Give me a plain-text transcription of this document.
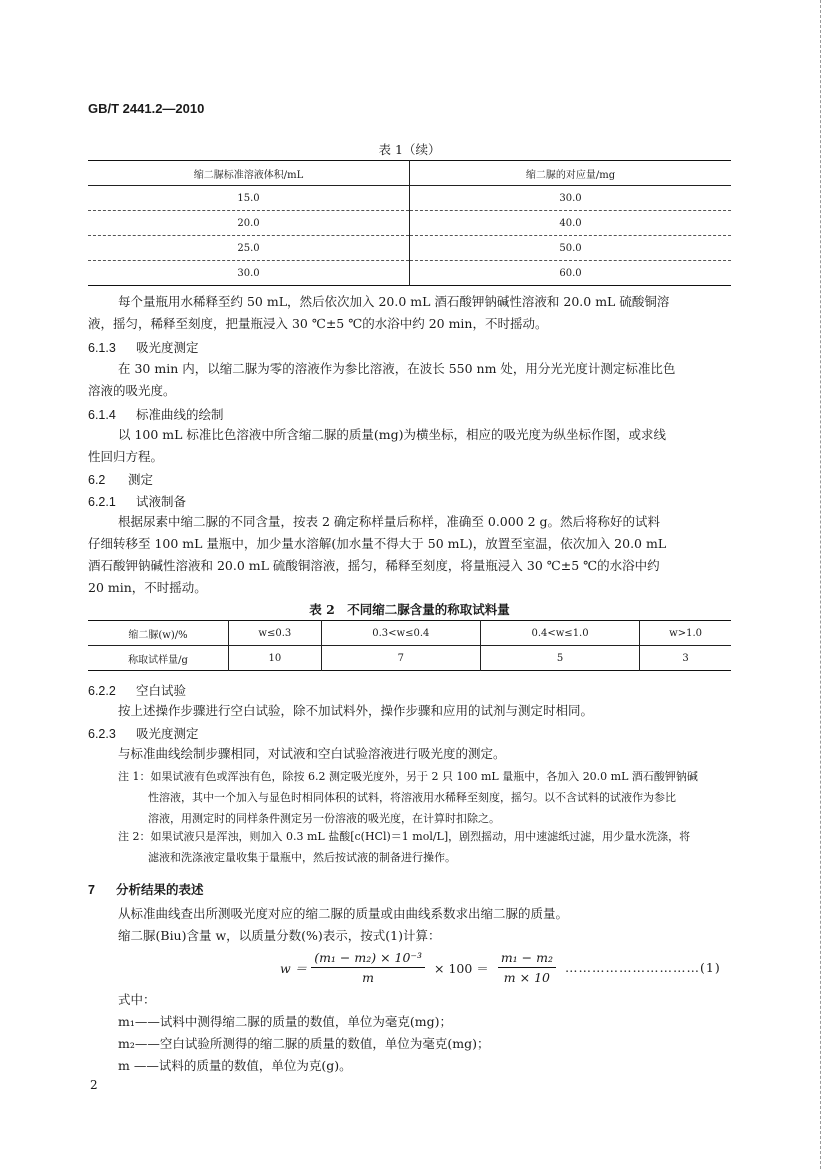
GB/T 2441.2—2010
表 1（续）
缩二脲标准溶液体积/mL	缩二脲的对应量/mg
15.0	30.0
20.0	40.0
25.0	50.0
30.0	60.0
每个量瓶用水稀释至约 50 mL，然后依次加入 20.0 mL 酒石酸钾钠碱性溶液和 20.0 mL 硫酸铜溶
液，摇匀，稀释至刻度，把量瓶浸入 30 ℃±5 ℃的水浴中约 20 min，不时摇动。
6.1.3 吸光度测定
在 30 min 内，以缩二脲为零的溶液作为参比溶液，在波长 550 nm 处，用分光光度计测定标准比色
溶液的吸光度。
6.1.4 标准曲线的绘制
以 100 mL 标准比色溶液中所含缩二脲的质量(mg)为横坐标，相应的吸光度为纵坐标作图，或求线
性回归方程。
6.2 测定
6.2.1 试液制备
根据尿素中缩二脲的不同含量，按表 2 确定称样量后称样，准确至 0.000 2 g。然后将称好的试料
仔细转移至 100 mL 量瓶中，加少量水溶解(加水量不得大于 50 mL)，放置至室温，依次加入 20.0 mL
酒石酸钾钠碱性溶液和 20.0 mL 硫酸铜溶液，摇匀，稀释至刻度，将量瓶浸入 30 ℃±5 ℃的水浴中约
20 min，不时摇动。
表 2　不同缩二脲含量的称取试料量
缩二脲(w)/%	w≤0.3	0.3<w≤0.4	0.4<w≤1.0	w>1.0
称取试样量/g	10	7	5	3
6.2.2 空白试验
按上述操作步骤进行空白试验，除不加试料外，操作步骤和应用的试剂与测定时相同。
6.2.3 吸光度测定
与标准曲线绘制步骤相同，对试液和空白试验溶液进行吸光度的测定。
注 1：如果试液有色或浑浊有色，除按 6.2 测定吸光度外，另于 2 只 100 mL 量瓶中，各加入 20.0 mL 酒石酸钾钠碱
性溶液，其中一个加入与显色时相同体积的试料，将溶液用水稀释至刻度，摇匀。以不含试料的试液作为参比
溶液，用测定时的同样条件测定另一份溶液的吸光度，在计算时扣除之。
注 2：如果试液只是浑浊，则加入 0.3 mL 盐酸[c(HCl)＝1 mol/L]，剧烈摇动，用中速滤纸过滤，用少量水洗涤，将
滤液和洗涤液定量收集于量瓶中，然后按试液的制备进行操作。
7 分析结果的表述
从标准曲线查出所测吸光度对应的缩二脲的质量或由曲线系数求出缩二脲的质量。
缩二脲(Biu)含量 w，以质量分数(%)表示，按式(1)计算：
$w = \frac{\text{(m₁ − m₂) × 10⁻³}}{m} \times 100 = \frac{\text{m₁ − m₂}}{m \times 10}$ …………………………(1)
式中：
m₁——试料中测得缩二脲的质量的数值，单位为毫克(mg)；
m₂——空白试验所测得的缩二脲的质量的数值，单位为毫克(mg)；
m ——试料的质量的数值，单位为克(g)。
2
